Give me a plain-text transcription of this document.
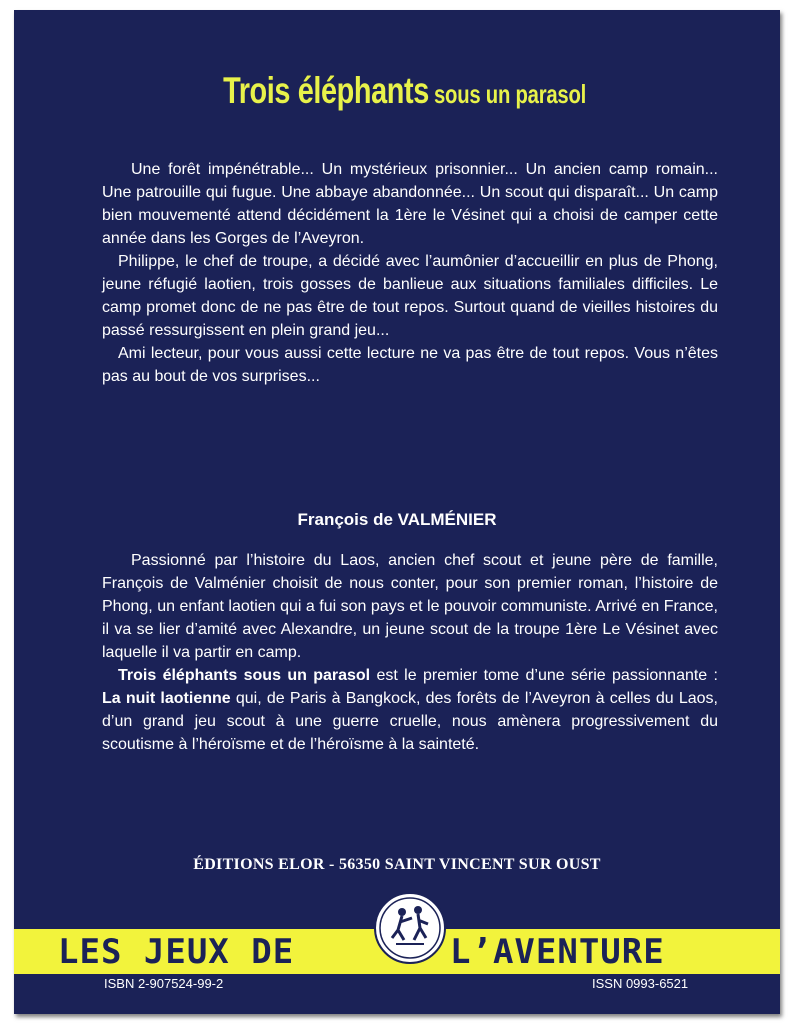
Trois éléphants sous un parasol

Une forêt impénétrable... Un mystérieux prisonnier... Un ancien camp romain... Une patrouille qui fugue. Une abbaye abandonnée... Un scout qui disparaît... Un camp bien mouvementé attend décidément la 1ère le Vésinet qui a choisi de camper cette année dans les Gorges de l’Aveyron.

Philippe, le chef de troupe, a décidé avec l’aumônier d’accueillir en plus de Phong, jeune réfugié laotien, trois gosses de banlieue aux situations familiales difficiles. Le camp promet donc de ne pas être de tout repos. Surtout quand de vieilles histoires du passé ressurgissent en plein grand jeu...

Ami lecteur, pour vous aussi cette lecture ne va pas être de tout repos. Vous n’êtes pas au bout de vos surprises...

François de VALMÉNIER

Passionné par l’histoire du Laos, ancien chef scout et jeune père de famille, François de Valménier choisit de nous conter, pour son premier roman, l’histoire de Phong, un enfant laotien qui a fui son pays et le pouvoir communiste. Arrivé en France, il va se lier d’amité avec Alexandre, un jeune scout de la troupe 1ère Le Vésinet avec laquelle il va partir en camp.

Trois éléphants sous un parasol est le premier tome d’une série passionnante : La nuit laotienne qui, de Paris à Bangkock, des forêts de l’Aveyron à celles du Laos, d’un grand jeu scout à une guerre cruelle, nous amènera progressivement du scoutisme à l’héroïsme et de l’héroïsme à la sainteté.

ÉDITIONS ELOR - 56350 SAINT VINCENT SUR OUST
LES JEUX DE	L’AVENTURE
ISBN 2-907524-99-2	ISSN 0993-6521
